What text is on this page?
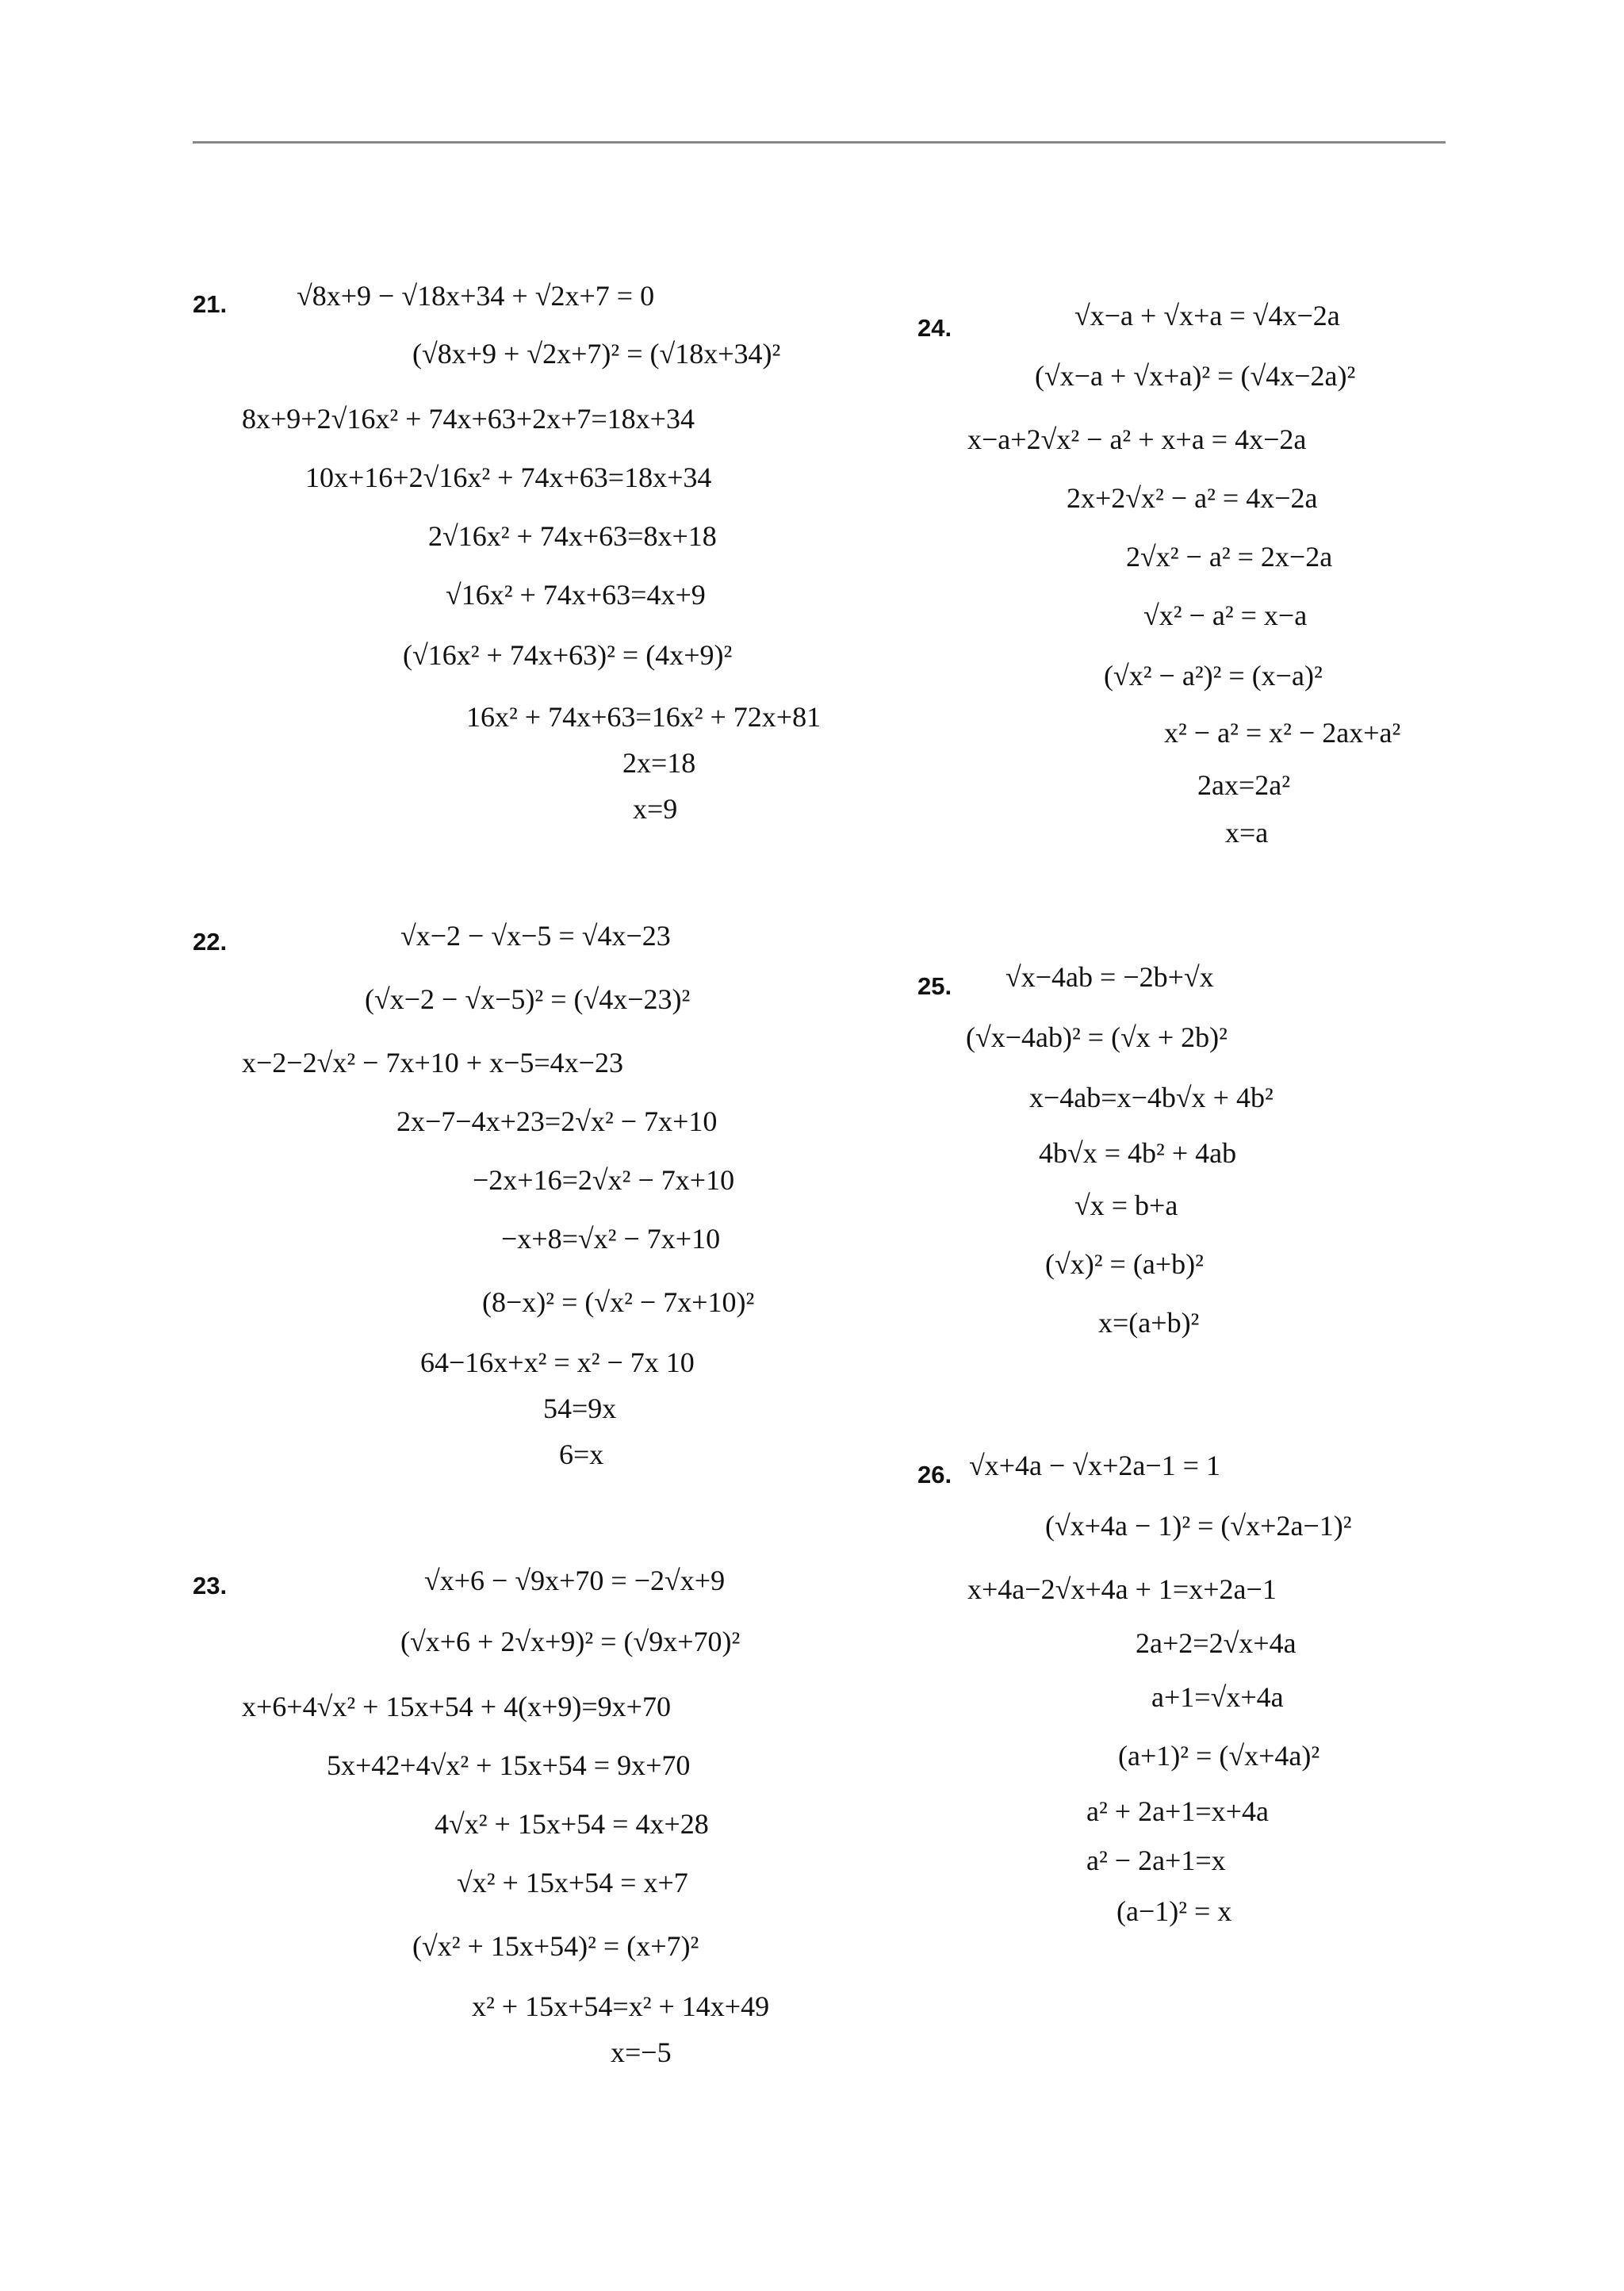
21. √8x+9 − √18x+34 + √2x+7 = 0
(√8x+9 + √2x+7)² = (√18x+34)²
8x+9+2√16x² + 74x+63+2x+7=18x+34
10x+16+2√16x² + 74x+63=18x+34
2√16x² + 74x+63=8x+18
√16x² + 74x+63=4x+9
(√16x² + 74x+63)² = (4x+9)²
16x² + 74x+63=16x² + 72x+81
2x=18
x=9
22.	√x−2 − √x−5 = √4x−23
(√x−2 − √x−5)² = (√4x−23)²
x−2−2√x² − 7x+10 + x−5=4x−23
2x−7−4x+23=2√x² − 7x+10
−2x+16=2√x² − 7x+10
−x+8=√x² − 7x+10
(8−x)² = (√x² − 7x+10)²
64−16x+x² = x² − 7x 10
54=9x
6=x
23.	√x+6 − √9x+70 = −2√x+9
(√x+6 + 2√x+9)² = (√9x+70)²
x+6+4√x² + 15x+54 + 4(x+9)=9x+70
5x+42+4√x² + 15x+54 = 9x+70
4√x² + 15x+54 = 4x+28
√x² + 15x+54 = x+7
(√x² + 15x+54)² = (x+7)²
x² + 15x+54=x² + 14x+49
x=−5
24.	√x−a + √x+a = √4x−2a
(√x−a + √x+a)² = (√4x−2a)²
x−a+2√x² − a² + x+a = 4x−2a
2x+2√x² − a² = 4x−2a
2√x² − a² = 2x−2a
√x² − a² = x−a
(√x² − a²)² = (x−a)²
x² − a² = x² − 2ax+a²
2ax=2a²
x=a
25. √x−4ab = −2b+√x
(√x−4ab)² = (√x + 2b)²
x−4ab=x−4b√x + 4b²
4b√x = 4b² + 4ab
√x = b+a
(√x)² = (a+b)²
x=(a+b)²
26. √x+4a − √x+2a−1 = 1
(√x+4a − 1)² = (√x+2a−1)²
x+4a−2√x+4a + 1=x+2a−1
2a+2=2√x+4a
a+1=√x+4a
(a+1)² = (√x+4a)²
a² + 2a+1=x+4a
a² − 2a+1=x
(a−1)² = x
